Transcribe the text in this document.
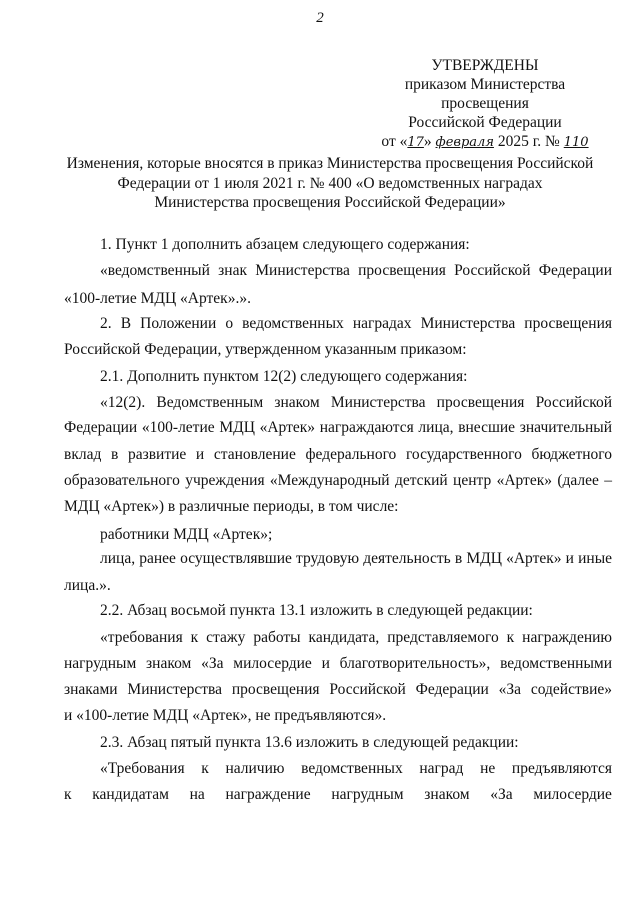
2
УТВЕРЖДЕНЫ
приказом Министерства просвещения
Российской Федерации
от «17» февраля 2025 г. № 110
Изменения, которые вносятся в приказ Министерства просвещения Российской
Федерации от 1 июля 2021 г. № 400 «О ведомственных наградах
Министерства просвещения Российской Федерации»
1. Пункт 1 дополнить абзацем следующего содержания:
«ведомственный знак Министерства просвещения Российской Федерации
«100-летие МДЦ «Артек».».
2. В Положении о ведомственных наградах Министерства просвещения
Российской Федерации, утвержденном указанным приказом:
2.1. Дополнить пунктом 12(2) следующего содержания:
«12(2). Ведомственным знаком Министерства просвещения Российской
Федерации «100-летие МДЦ «Артек» награждаются лица, внесшие значительный
вклад в развитие и становление федерального государственного бюджетного
образовательного учреждения «Международный детский центр «Артек» (далее –
МДЦ «Артек») в различные периоды, в том числе:
работники МДЦ «Артек»;
лица, ранее осуществлявшие трудовую деятельность в МДЦ «Артек» и иные
лица.».
2.2. Абзац восьмой пункта 13.1 изложить в следующей редакции:
«требования к стажу работы кандидата, представляемого к награждению
нагрудным знаком «За милосердие и благотворительность», ведомственными
знаками Министерства просвещения Российской Федерации «За содействие»
и «100-летие МДЦ «Артек», не предъявляются».
2.3. Абзац пятый пункта 13.6 изложить в следующей редакции:
«Требования к наличию ведомственных наград не предъявляются
к кандидатам на награждение нагрудным знаком «За милосердие
